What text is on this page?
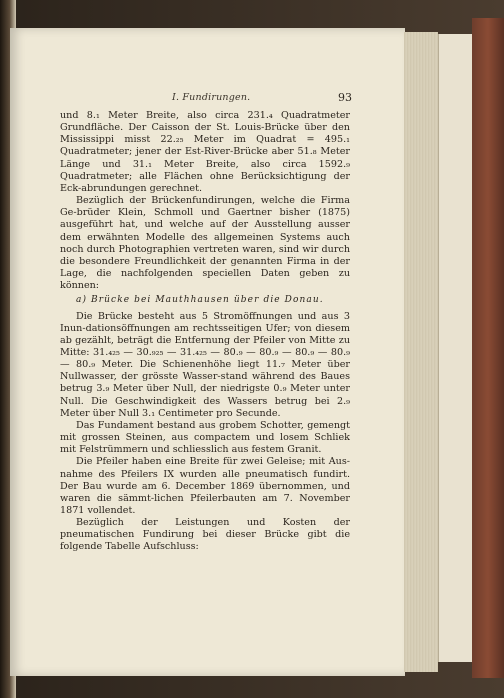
I. Fundirungen.	93

und 8.₁ Meter Breite, also circa 231.₄ Quadratmeter Grundfläche. Der Caisson der St. Louis-Brücke über den Mississippi misst 22.₂₅ Meter im Quadrat = 495.₁ Quadratmeter; jener der Est-River-Brücke aber 51.₈ Meter Länge und 31.₁ Meter Breite, also circa 1592.₉ Quadratmeter; alle Flächen ohne Berücksichtigung der Eck-abrundungen gerechnet.

Bezüglich der Brückenfundirungen, welche die Firma Ge-brüder Klein, Schmoll und Gaertner bisher (1875) ausgeführt hat, und welche auf der Ausstellung ausser dem erwähnten Modelle des allgemeinen Systems auch noch durch Photographien vertreten waren, sind wir durch die besondere Freundlichkeit der genannten Firma in der Lage, die nachfolgenden speciellen Daten geben zu können:

a) Brücke bei Mauthhausen über die Donau.

Die Brücke besteht aus 5 Stromöffnungen und aus 3 Inun-dationsöffnungen am rechtsseitigen Ufer; von diesem ab gezählt, beträgt die Entfernung der Pfeiler von Mitte zu Mitte: 31.₄₂₅ — 30.₉₂₅ — 31.₄₂₅ — 80.₉ — 80.₉ — 80.₉ — 80.₉ — 80.₉ Meter. Die Schienenhöhe liegt 11.₇ Meter über Nullwasser, der grösste Wasser-stand während des Baues betrug 3.₉ Meter über Null, der niedrigste 0.₉ Meter unter Null. Die Geschwindigkeit des Wassers betrug bei 2.₉ Meter über Null 3.₁ Centimeter pro Secunde.

Das Fundament bestand aus grobem Schotter, gemengt mit grossen Steinen, aus compactem und losem Schliek mit Felstrümmern und schliesslich aus festem Granit.

Die Pfeiler haben eine Breite für zwei Geleise; mit Aus-nahme des Pfeilers IX wurden alle pneumatisch fundirt. Der Bau wurde am 6. December 1869 übernommen, und waren die sämmt-lichen Pfeilerbauten am 7. November 1871 vollendet.

Bezüglich der Leistungen und Kosten der pneumatischen Fundirung bei dieser Brücke gibt die folgende Tabelle Aufschluss:
